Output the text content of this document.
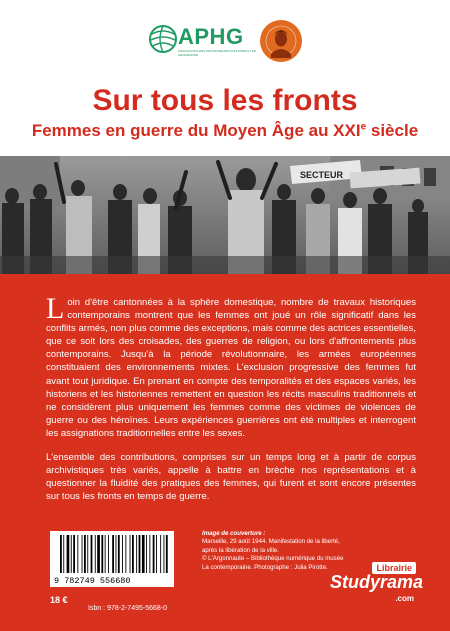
APHG
ASSOCIATION DES PROFESSEURS D'HISTOIRE ET DE GÉOGRAPHIE
Sur tous les fronts
Femmes en guerre du Moyen Âge au XXIe siècle
SECTEUR

Loin d'être cantonnées à la sphère domestique, nombre de travaux historiques contemporains montrent que les femmes ont joué un rôle significatif dans les conflits armés, non plus comme des exceptions, mais comme des actrices essentielles, que ce soit lors des croisades, des guerres de religion, ou lors d'affrontements plus contemporains. Jusqu'à la période révolutionnaire, les armées européennes constituaient des environnements mixtes. L'exclusion progressive des femmes fut avant tout juridique. En prenant en compte des temporalités et des espaces variés, les historiens et les historiennes remettent en question les récits masculins traditionnels et ne considèrent plus uniquement les femmes comme des victimes de violences de guerre ou des héroïnes. Leurs expériences guerrières ont été multiples et interrogent les assignations traditionnelles entre les sexes.

L'ensemble des contributions, comprises sur un temps long et à partir de corpus archivistiques très variés, appelle à battre en brèche nos représentations et à questionner la fluidité des pratiques des femmes, qui furent et sont encore présentes sur tous les fronts en temps de guerre.

9 782749 556680
Image de couverture :
Marseille, 29 août 1944. Manifestation de la liberté,
après la libération de la ville.
© L'Argonnaute – Bibliothèque numérique du musée
La contemporaine. Photographe : Julia Pirotte.
18 €
Isbn : 978-2-7495-5668-0
Librairie
Studyrama
.com
